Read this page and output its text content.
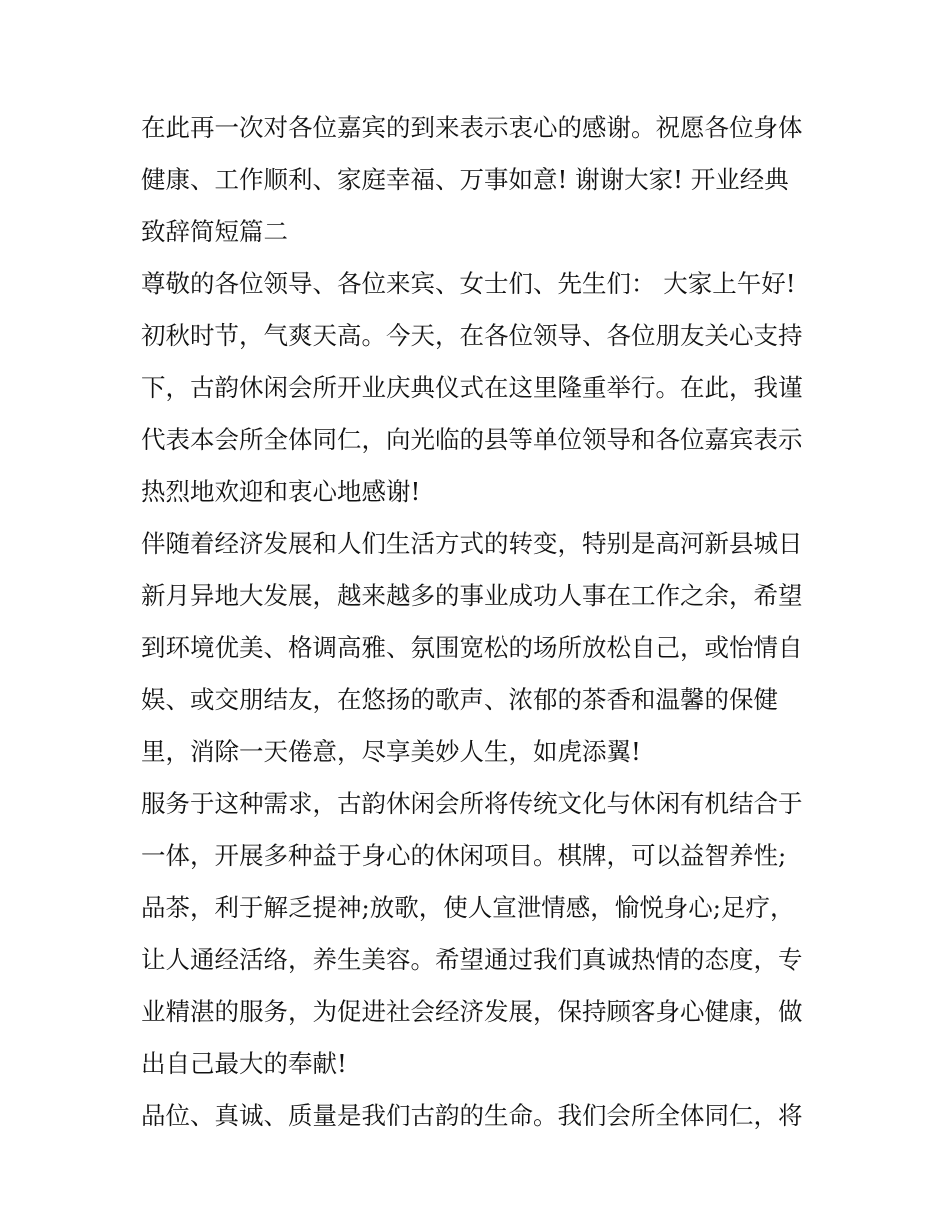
在此再一次对各位嘉宾的到来表示衷心的感谢。祝愿各位身体
健康、工作顺利、家庭幸福、万事如意! 谢谢大家! 开业经典
致辞简短篇二
尊敬的各位领导、各位来宾、女士们、先生们： 大家上午好!
初秋时节，气爽天高。今天，在各位领导、各位朋友关心支持
下，古韵休闲会所开业庆典仪式在这里隆重举行。在此，我谨
代表本会所全体同仁，向光临的县等单位领导和各位嘉宾表示
热烈地欢迎和衷心地感谢!
伴随着经济发展和人们生活方式的转变，特别是高河新县城日
新月异地大发展，越来越多的事业成功人事在工作之余，希望
到环境优美、格调高雅、氛围宽松的场所放松自己，或怡情自
娱、或交朋结友，在悠扬的歌声、浓郁的茶香和温馨的保健
里，消除一天倦意，尽享美妙人生，如虎添翼!
服务于这种需求，古韵休闲会所将传统文化与休闲有机结合于
一体，开展多种益于身心的休闲项目。棋牌，可以益智养性;
品茶，利于解乏提神;放歌，使人宣泄情感，愉悦身心;足疗，
让人通经活络，养生美容。希望通过我们真诚热情的态度，专
业精湛的服务，为促进社会经济发展，保持顾客身心健康，做
出自己最大的奉献!
品位、真诚、质量是我们古韵的生命。我们会所全体同仁，将
